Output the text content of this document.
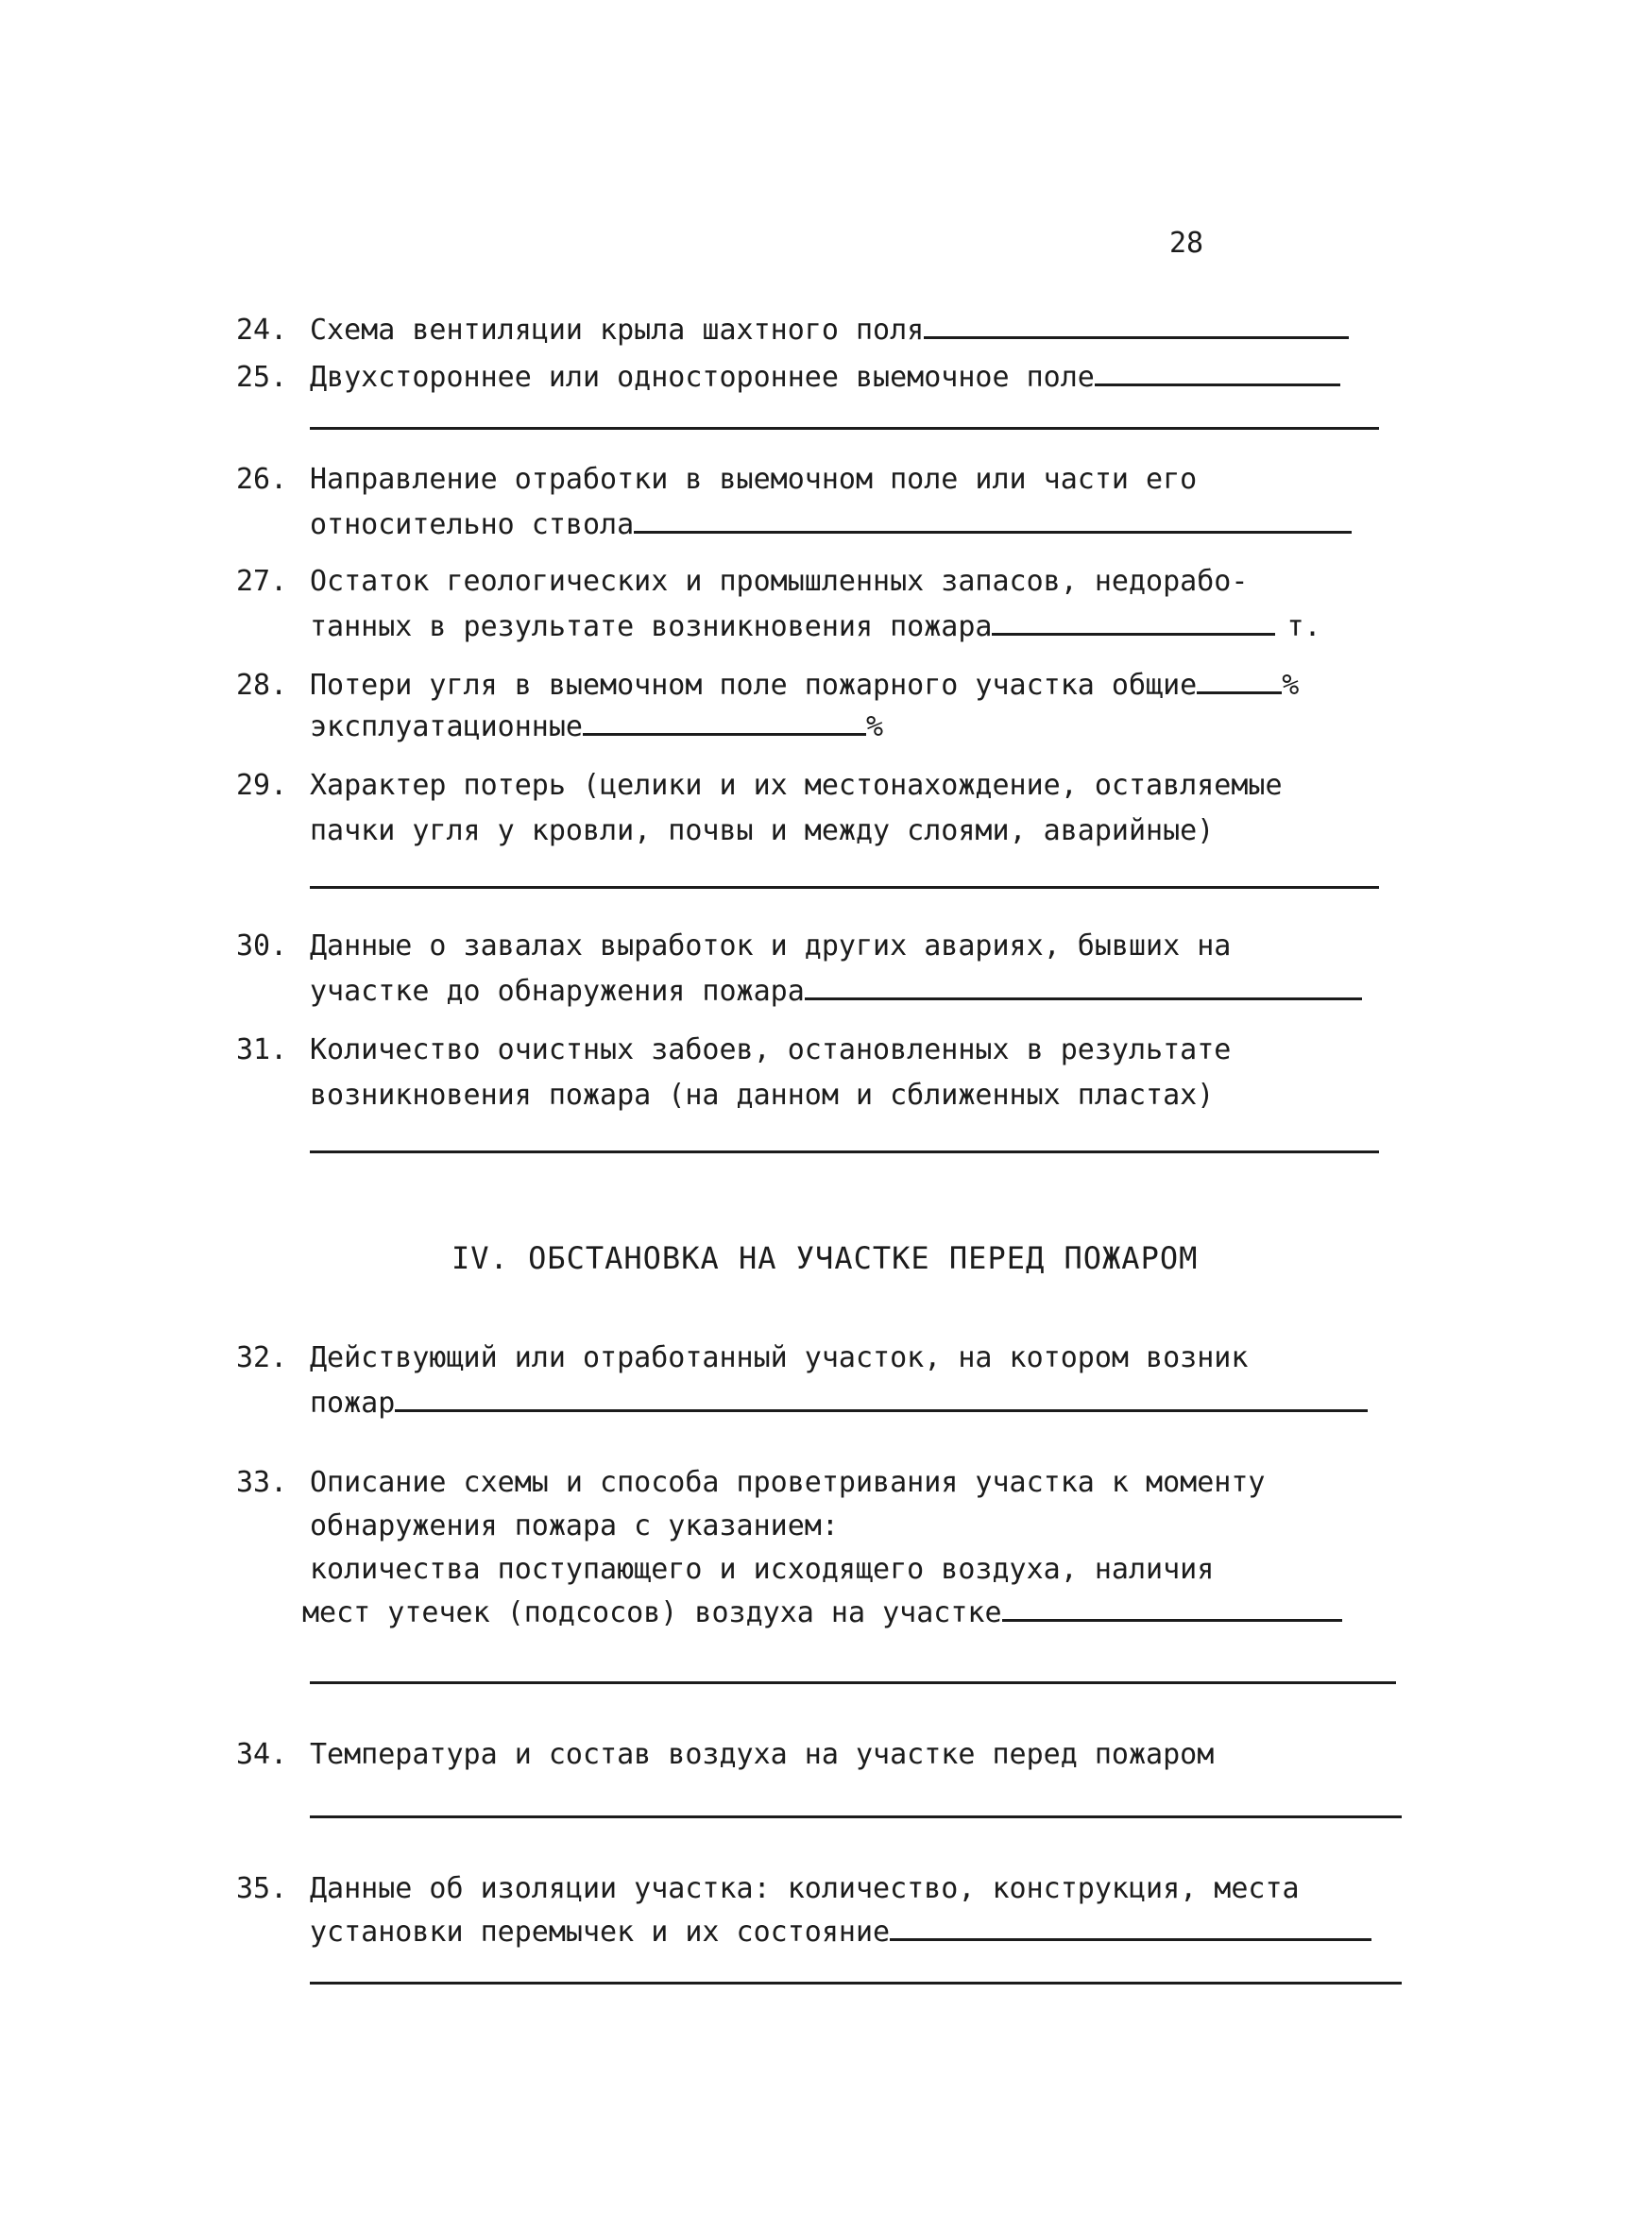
28
24. Схема вентиляции крыла шахтного поля
25. Двухстороннее или одностороннее выемочное поле
26. Направление отработки в выемочном поле или части его
относительно ствола
27. Остаток геологических и промышленных запасов, недорабо-
танных в результате возникновения пожара	т.
28. Потери угля в выемочном поле пожарного участка общие	%
эксплуатационные	%
29. Характер потерь (целики и их местонахождение, оставляемые
пачки угля у кровли, почвы и между слоями, аварийные)
30. Данные о завалах выработок и других авариях, бывших на
участке до обнаружения пожара
31. Количество очистных забоев, остановленных в результате
возникновения пожара (на данном и сближенных пластах)
IV. ОБСТАНОВКА НА УЧАСТКЕ ПЕРЕД ПОЖАРОМ
32. Действующий или отработанный участок, на котором возник
пожар
33. Описание схемы и способа проветривания участка к моменту
обнаружения пожара с указанием:
количества поступающего и исходящего воздуха, наличия
мест утечек (подсосов) воздуха на участке
34. Температура и состав воздуха на участке перед пожаром
35. Данные об изоляции участка: количество, конструкция, места
установки перемычек и их состояние
